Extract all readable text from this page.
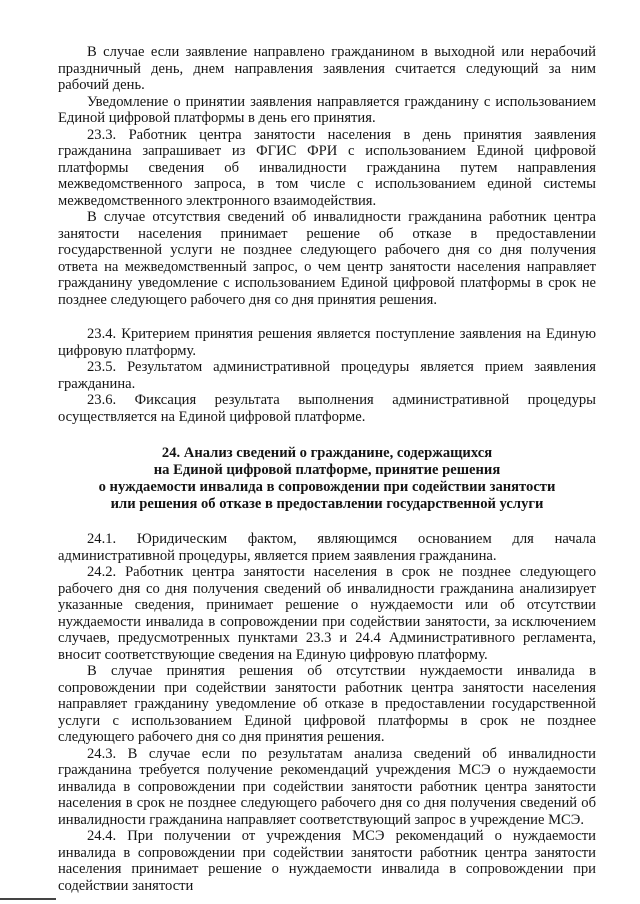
В случае если заявление направлено гражданином в выходной или нерабочий праздничный день, днем направления заявления считается следующий за ним рабочий день.

Уведомление о принятии заявления направляется гражданину с использованием Единой цифровой платформы в день его принятия.

23.3. Работник центра занятости населения в день принятия заявления гражданина запрашивает из ФГИС ФРИ с использованием Единой цифровой платформы сведения об инвалидности гражданина путем направления межведомственного запроса, в том числе с использованием единой системы межведомственного электронного взаимодействия.

В случае отсутствия сведений об инвалидности гражданина работник центра занятости населения принимает решение об отказе в предоставлении государственной услуги не позднее следующего рабочего дня со дня получения ответа на межведомственный запрос, о чем центр занятости населения направляет гражданину уведомление с использованием Единой цифровой платформы в срок не позднее следующего рабочего дня со дня принятия решения.

23.4. Критерием принятия решения является поступление заявления на Единую цифровую платформу.

23.5. Результатом административной процедуры является прием заявления гражданина.

23.6. Фиксация результата выполнения административной процедуры осуществляется на Единой цифровой платформе.

24. Анализ сведений о гражданине, содержащихся
на Единой цифровой платформе, принятие решения
о нуждаемости инвалида в сопровождении при содействии занятости
или решения об отказе в предоставлении государственной услуги

24.1. Юридическим фактом, являющимся основанием для начала административной процедуры, является прием заявления гражданина.

24.2. Работник центра занятости населения в срок не позднее следующего рабочего дня со дня получения сведений об инвалидности гражданина анализирует указанные сведения, принимает решение о нуждаемости или об отсутствии нуждаемости инвалида в сопровождении при содействии занятости, за исключением случаев, предусмотренных пунктами 23.3 и 24.4 Административного регламента, вносит соответствующие сведения на Единую цифровую платформу.

В случае принятия решения об отсутствии нуждаемости инвалида в сопровождении при содействии занятости работник центра занятости населения направляет гражданину уведомление об отказе в предоставлении государственной услуги с использованием Единой цифровой платформы в срок не позднее следующего рабочего дня со дня принятия решения.

24.3. В случае если по результатам анализа сведений об инвалидности гражданина требуется получение рекомендаций учреждения МСЭ о нуждаемости инвалида в сопровождении при содействии занятости работник центра занятости населения в срок не позднее следующего рабочего дня со дня получения сведений об инвалидности гражданина направляет соответствующий запрос в учреждение МСЭ.

24.4. При получении от учреждения МСЭ рекомендаций о нуждаемости инвалида в сопровождении при содействии занятости работник центра занятости населения принимает решение о нуждаемости инвалида в сопровождении при содействии занятости
